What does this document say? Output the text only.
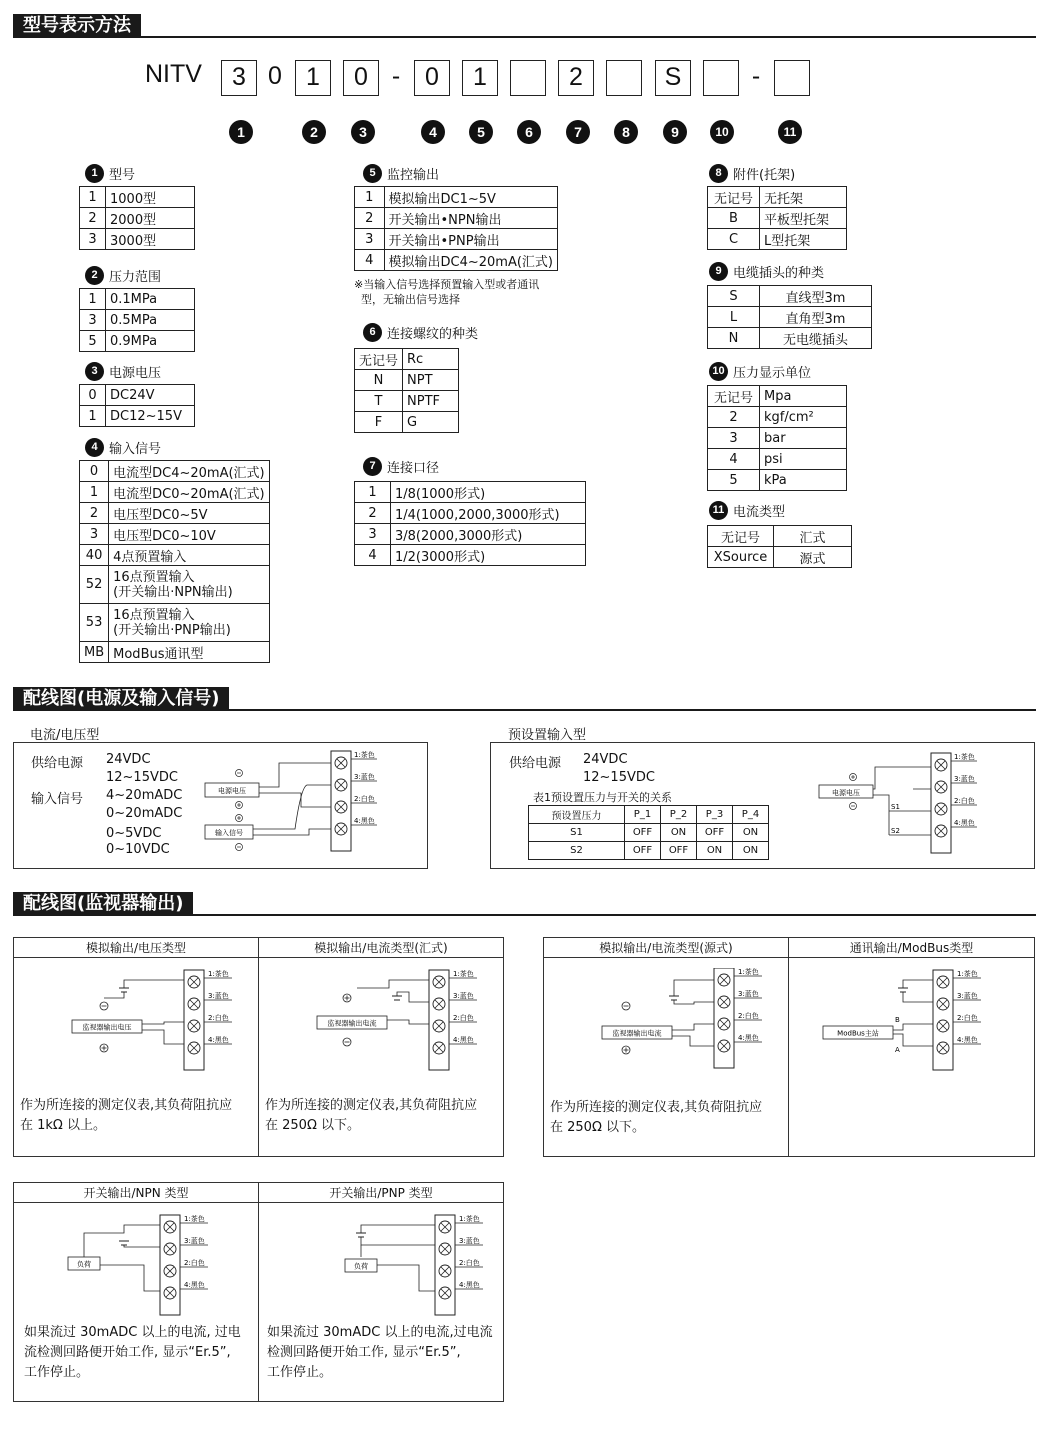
型号表示方法
NITV	3 0 1	0 - 0	1	2	S	-
1	2	3	4	5	6	7	8	9	10	11
1 型号
1	1000型
2	2000型
3	3000型
2 压力范围
1	0.1MPa
3	0.5MPa
5	0.9MPa
3 电源电压
0	DC24V
1	DC12~15V
4 输入信号
0	电流型DC4~20mA(汇式)
1	电流型DC0~20mA(汇式)
2	电压型DC0~5V
3	电压型DC0~10V
40	4点预置输入
52	16点预置输入
(开关输出·NPN输出)
53	16点预置输入
(开关输出·PNP输出)
MB	ModBus通讯型
5 监控输出
1	模拟输出DC1~5V
2	开关输出•NPN输出
3	开关输出•PNP输出
4	模拟输出DC4~20mA(汇式)
※当输入信号选择预置输入型或者通讯
型，无输出信号选择
6 连接螺纹的种类
无记号	Rc
N	NPT
T	NPTF
F	G
7 连接口径
1	1/8(1000形式)
2	1/4(1000,2000,3000形式)
3	3/8(2000,3000形式)
4	1/2(3000形式)
8 附件(托架)
无记号	无托架
B	平板型托架
C	L型托架
9 电缆插头的种类
S	直线型3m
L	直角型3m
N	无电缆插头
10 压力显示单位
无记号	Mpa
2	kgf/cm²
3	bar
4	psi
5	kPa
11 电流类型
无记号	汇式
XSource	源式
配线图(电源及输入信号)
电流/电压型
供给电源 24VDC
12~15VDC
输入信号 4~20mADC
0~20mADC
0~5VDC
0~10VDC
电源电压
输入信号
1:茶色
3:蓝色
2:白色
4:黑色
预设置输入型
供给电源 24VDC
12~15VDC
表1预设置压力与开关的关系
预设置压力	P_1	P_2	P_3	P_4
S1	OFF	ON	OFF	ON
S2	OFF	OFF	ON	ON
电源电压
S1
S2
1:茶色
3:蓝色
2:白色
4:黑色
配线图(监视器输出)
模拟输出/电压类型
1:茶色
3:蓝色
2:白色
4:黑色
监视器输出电压
作为所连接的测定仪表,其负荷阻抗应
在 1kΩ 以上。
模拟输出/电流类型(汇式)
1:茶色
3:蓝色
2:白色
4:黑色
监视器输出电流
作为所连接的测定仪表,其负荷阻抗应
在 250Ω 以下。
模拟输出/电流类型(源式)
1:茶色
3:蓝色
2:白色
4:黑色
监视器输出电流
作为所连接的测定仪表,其负荷阻抗应
在 250Ω 以下。
通讯输出/ModBus类型
1:茶色
3:蓝色
2:白色
4:黑色
ModBus主站
B
A
开关输出/NPN 类型
1:茶色
3:蓝色
2:白色
4:黑色
负荷
如果流过 30mADC 以上的电流, 过电
流检测回路便开始工作, 显示“Er.5”,
工作停止。
开关输出/PNP 类型
1:茶色
3:蓝色
2:白色
4:黑色
负荷
如果流过 30mADC 以上的电流,过电流
检测回路便开始工作, 显示“Er.5”,
工作停止。
